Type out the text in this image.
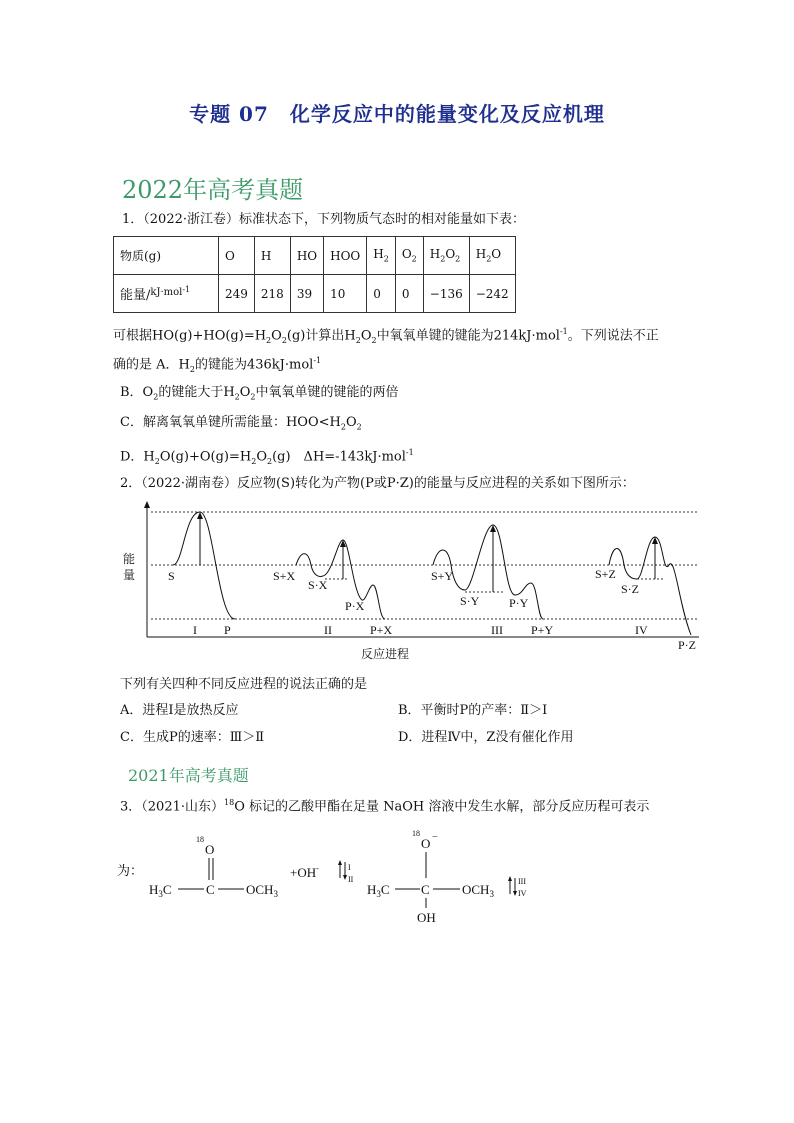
专题 07　化学反应中的能量变化及反应机理
2022年高考真题
1．（2022·浙江卷）标准状态下，下列物质气态时的相对能量如下表：
物质(g)	O	H	HO	HOO	$H_2$	$O_2$	$H_2O_2$	$H_2O$
能量/$^{kJ\cdot mol-1}$	249	218	39	10	0	0	−136	−242
可根据$HO(g)+HO(g)=H_2O_2(g)$计算出$H_2O_2$中氧氧单键的键能为214kJ·mol$^{-1}$。下列说法不正
确的是 A．$H_2$的键能为436kJ·mol$^{-1}$
B．$O_2$的键能大于$H_2O_2$中氧氧单键的键能的两倍
C．解离氧氧单键所需能量：$HOO<H_2O_2$
D．$H_2O(g)+O(g)=H_2O_2(g)$　ΔH=-143kJ·mol$^{-1}$
2．（2022·湖南卷）反应物(S)转化为产物(P或P·Z)的能量与反应进程的关系如下图所示：
能
量	S
I P
S+X
S·X
P·X
P+X
II
S+Y
S·Y P·Y
P+Y
III
S+Z
S·Z
IV
P·Z
反应进程
下列有关四种不同反应进程的说法正确的是
A．进程Ⅰ是放热反应	B．平衡时P的产率：Ⅱ＞Ⅰ
C．生成P的速率：Ⅲ＞Ⅱ	D．进程Ⅳ中，Z没有催化作用
2021年高考真题
3．（2021·山东）$^{18}$O 标记的乙酸甲酯在足量 NaOH 溶液中发生水解，部分反应历程可表示
为：
18
O
$H_3C$	C $OCH_3$
+OH-	I
II
18
O −
$H_3C$ C $OCH_3$
OH
III
IV
